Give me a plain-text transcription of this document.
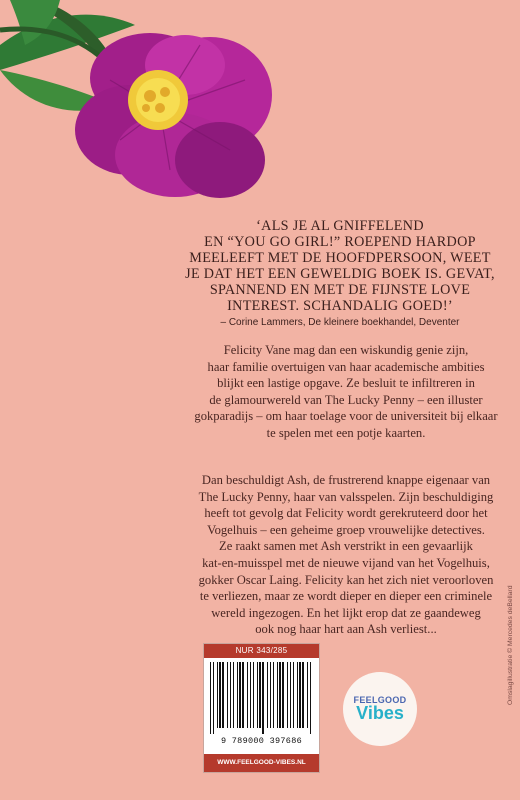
‘ALS JE AL GNIFFELEND
EN “YOU GO GIRL!” ROEPEND HARDOP
MEELEEFT MET DE HOOFDPERSOON, WEET
JE DAT HET EEN GEWELDIG BOEK IS. GEVAT,
SPANNEND EN MET DE FIJNSTE LOVE
INTEREST. SCHANDALIG GOED!’
– Corine Lammers, De kleinere boekhandel, Deventer
Felicity Vane mag dan een wiskundig genie zijn,
haar familie overtuigen van haar academische ambities
blijkt een lastige opgave. Ze besluit te infiltreren in
de glamourwereld van The Lucky Penny – een illuster
gokparadijs – om haar toelage voor de universiteit bij elkaar
te spelen met een potje kaarten.
Dan beschuldigt Ash, de frustrerend knappe eigenaar van
The Lucky Penny, haar van valsspelen. Zijn beschuldiging
heeft tot gevolg dat Felicity wordt gerekruteerd door het
Vogelhuis – een geheime groep vrouwelijke detectives.
Ze raakt samen met Ash verstrikt in een gevaarlijk
kat-en-muisspel met de nieuwe vijand van het Vogelhuis,
gokker Oscar Laing. Felicity kan het zich niet veroorloven
te verliezen, maar ze wordt dieper en dieper een criminele
wereld ingezogen. En het lijkt erop dat ze gaandeweg
ook nog haar hart aan Ash verliest...
NUR 343/285
9 789000 397686
WWW.FEELGOOD-VIBES.NL
FEELGOOD
Vibes
Omslagillustratie © Mercedes deBellard
